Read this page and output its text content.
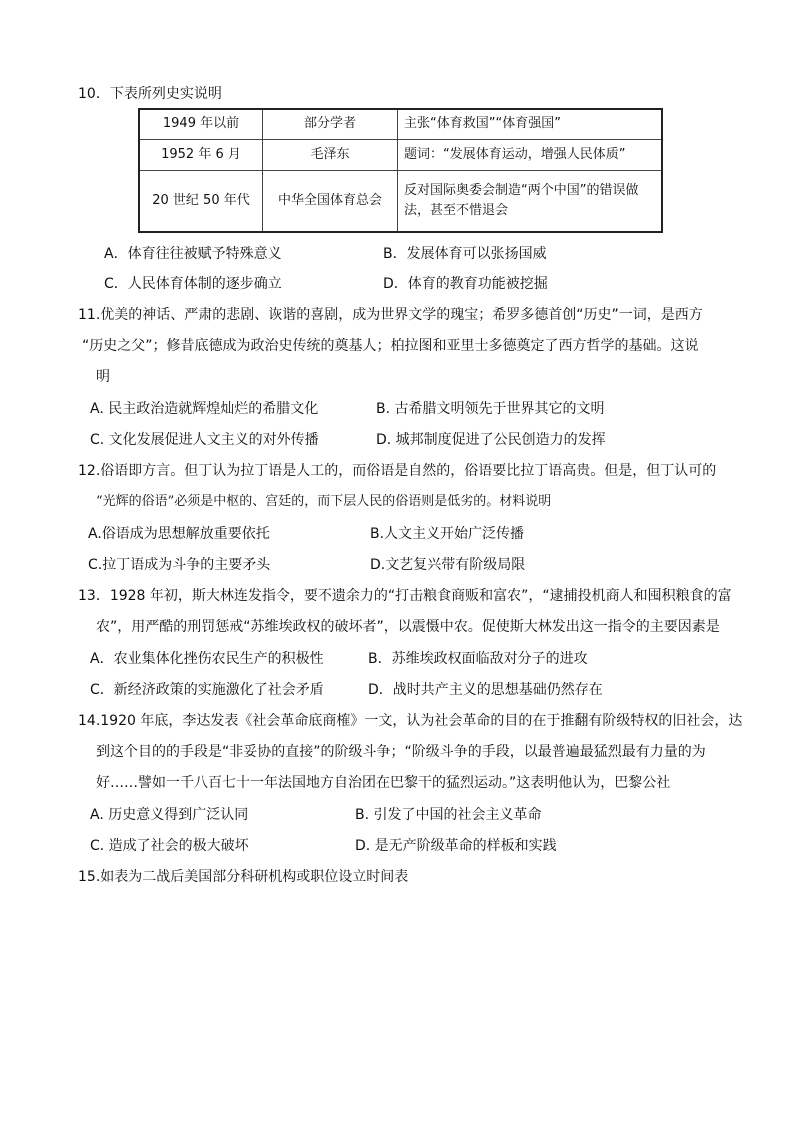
10．下表所列史实说明
1949 年以前	部分学者	主张“体育救国”“体育强国”
1952 年 6 月	毛泽东	题词：“发展体育运动，增强人民体质”
20 世纪 50 年代	中华全国体育总会	反对国际奥委会制造“两个中国”的错误做法，甚至不惜退会
A．体育往往被赋予特殊意义	B．发展体育可以张扬国威
C．人民体育体制的逐步确立	D．体育的教育功能被挖掘
11.优美的神话、严肃的悲剧、诙谐的喜剧，成为世界文学的瑰宝；希罗多德首创“历史”一词，是西方
“历史之父”；修昔底德成为政治史传统的奠基人；柏拉图和亚里士多德奠定了西方哲学的基础。这说
明
A. 民主政治造就辉煌灿烂的希腊文化	B. 古希腊文明领先于世界其它的文明
C. 文化发展促进人文主义的对外传播	D. 城邦制度促进了公民创造力的发挥
12.俗语即方言。但丁认为拉丁语是人工的，而俗语是自然的，俗语要比拉丁语高贵。但是，但丁认可的
“光辉的俗语”必须是中枢的、宫廷的，而下层人民的俗语则是低劣的。材料说明
A.俗语成为思想解放重要依托	B.人文主义开始广泛传播
C.拉丁语成为斗争的主要矛头	D.文艺复兴带有阶级局限
13．1928 年初，斯大林连发指令，要不遗余力的“打击粮食商贩和富农”，“逮捕投机商人和囤积粮食的富
农”，用严酷的刑罚惩戒“苏维埃政权的破坏者”，以震慑中农。促使斯大林发出这一指令的主要因素是
A．农业集体化挫伤农民生产的积极性	B．苏维埃政权面临敌对分子的进攻
C．新经济政策的实施激化了社会矛盾	D．战时共产主义的思想基础仍然存在
14.1920 年底，李达发表《社会革命底商榷》一文，认为社会革命的目的在于推翻有阶级特权的旧社会，达
到这个目的的手段是“非妥协的直接”的阶级斗争；“阶级斗争的手段，以最普遍最猛烈最有力量的为
好……譬如一千八百七十一年法国地方自治团在巴黎干的猛烈运动。”这表明他认为，巴黎公社
A. 历史意义得到广泛认同	B. 引发了中国的社会主义革命
C. 造成了社会的极大破坏	D. 是无产阶级革命的样板和实践
15.如表为二战后美国部分科研机构或职位设立时间表
